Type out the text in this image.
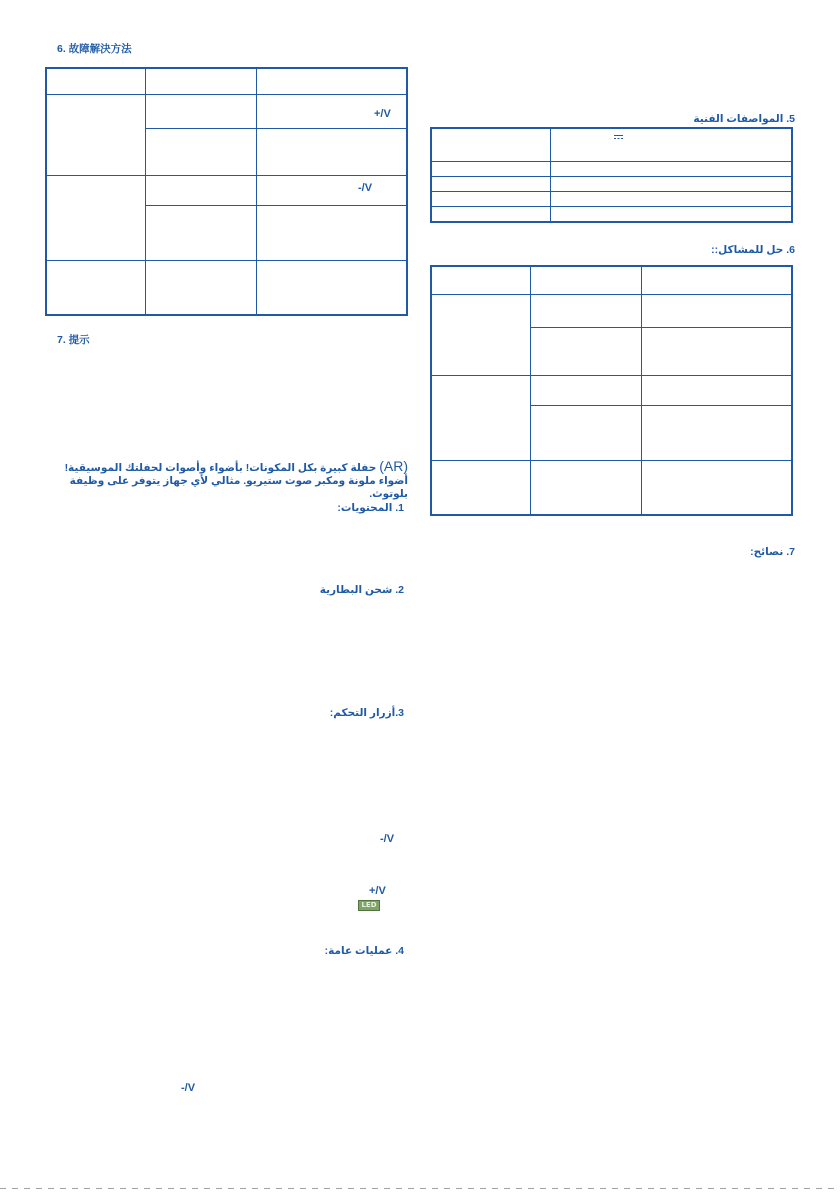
6. 故障解決方法
+/V
-/V
7. 提示
(AR) حفلة كبيرة بكل المكونات! بأضواء وأصوات لحفلتك الموسيقية! أضواء ملونة ومكبر صوت ستيريو. مثالي لأي جهاز يتوفر على وظيفة بلوتوث.
1. المحتويات:
2. شحن البطارية
3.أزرار التحكم:
-/V
+/V
LED
4. عمليات عامة:
-/V
5. المواصفات الفنية
6. حل للمشاكل::
7. نصائح:
